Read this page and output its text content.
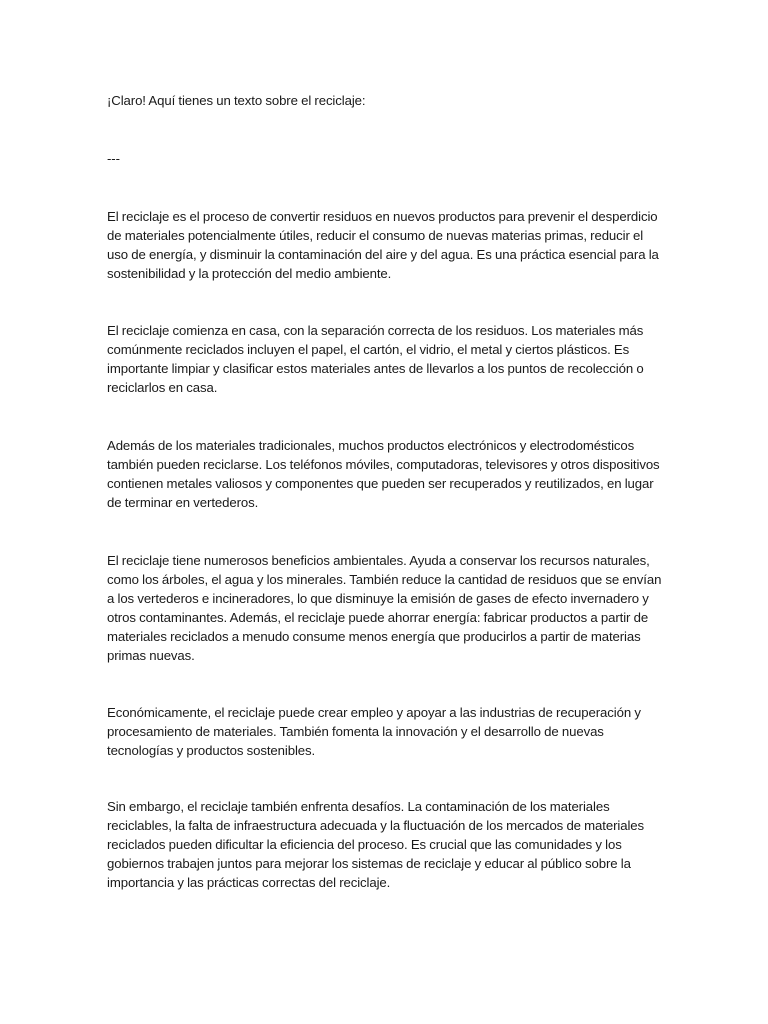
¡Claro! Aquí tienes un texto sobre el reciclaje:

---

El reciclaje es el proceso de convertir residuos en nuevos productos para prevenir el desperdicio de materiales potencialmente útiles, reducir el consumo de nuevas materias primas, reducir el uso de energía, y disminuir la contaminación del aire y del agua. Es una práctica esencial para la sostenibilidad y la protección del medio ambiente.

El reciclaje comienza en casa, con la separación correcta de los residuos. Los materiales más comúnmente reciclados incluyen el papel, el cartón, el vidrio, el metal y ciertos plásticos. Es importante limpiar y clasificar estos materiales antes de llevarlos a los puntos de recolección o reciclarlos en casa.

Además de los materiales tradicionales, muchos productos electrónicos y electrodomésticos también pueden reciclarse. Los teléfonos móviles, computadoras, televisores y otros dispositivos contienen metales valiosos y componentes que pueden ser recuperados y reutilizados, en lugar de terminar en vertederos.

El reciclaje tiene numerosos beneficios ambientales. Ayuda a conservar los recursos naturales, como los árboles, el agua y los minerales. También reduce la cantidad de residuos que se envían a los vertederos e incineradores, lo que disminuye la emisión de gases de efecto invernadero y otros contaminantes. Además, el reciclaje puede ahorrar energía: fabricar productos a partir de materiales reciclados a menudo consume menos energía que producirlos a partir de materias primas nuevas.

Económicamente, el reciclaje puede crear empleo y apoyar a las industrias de recuperación y procesamiento de materiales. También fomenta la innovación y el desarrollo de nuevas tecnologías y productos sostenibles.

Sin embargo, el reciclaje también enfrenta desafíos. La contaminación de los materiales reciclables, la falta de infraestructura adecuada y la fluctuación de los mercados de materiales reciclados pueden dificultar la eficiencia del proceso. Es crucial que las comunidades y los gobiernos trabajen juntos para mejorar los sistemas de reciclaje y educar al público sobre la importancia y las prácticas correctas del reciclaje.
